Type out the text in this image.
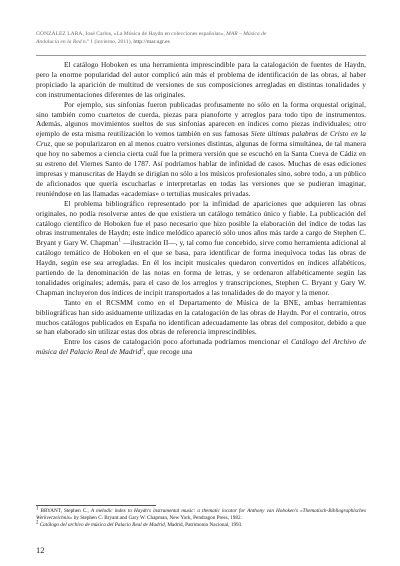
GONZÁLEZ LARA, José Carlos, «La Música de Haydn en colecciones españolas», MAR – Música de
Andalucía en la Red n.º 1 (invierno, 2011), http://mar.ugr.es

El catálogo Hoboken es una herramienta imprescindible para la catalogación de fuentes de Haydn, pero la enorme popularidad del autor complicó aún más el problema de identificación de las obras, al haber propiciado la aparición de multitud de versiones de sus composiciones arregladas en distintas tonalidades y con instrumentaciones diferentes de las originales.

Por ejemplo, sus sinfonías fueron publicadas profusamente no sólo en la forma orquestal original, sino también como cuartetos de cuerda, piezas para pianoforte y arreglos para todo tipo de instrumentos. Además, algunos movimientos sueltos de sus sinfonías aparecen en índices como piezas individuales; otro ejemplo de esta misma reutilización lo vemos también en sus famosas Siete últimas palabras de Cristo en la Cruz, que se popularizaron en al menos cuatro versiones distintas, algunas de forma simultánea, de tal manera que hoy no sabemos a ciencia cierta cuál fue la primera versión que se escuchó en la Santa Cueva de Cádiz en su estreno del Viernes Santo de 1787. Así podríamos hablar de infinidad de casos. Muchas de esas ediciones impresas y manuscritas de Haydn se dirigían no sólo a los músicos profesionales sino, sobre todo, a un público de aficionados que quería escucharlas e interpretarlas en todas las versiones que se pudieran imaginar, reuniéndose en las llamadas «academias» o tertulias musicales privadas.

El problema bibliográfico representado por la infinidad de apariciones que adquieren las obras originales, no podía resolverse antes de que existiera un catálogo temático único y fiable. La publicación del catálogo científico de Hoboken fue el paso necesario que hizo posible la elaboración del índice de todas las obras instrumentales de Haydn; este índice melódico apareció sólo unos años más tarde a cargo de Stephen C. Bryant y Gary W. Chapman$^1$ —ilustración II—, y, tal como fue concebido, sirve como herramienta adicional al catálogo temático de Hoboken en el que se basa, para identificar de forma inequívoca todas las obras de Haydn, según ese sea arregladas. En él los incipit musicales quedaron convertidos en índices alfabéticos, partiendo de la denominación de las notas en forma de letras, y se ordenaron alfabéticamente según las tonalidades originales; además, para el caso de los arreglos y transcripciones, Stephen C. Bryant y Gary W. Chapman incluyeron dos índices de incipit transportados a las tonalidades de do mayor y la menor.

Tanto en el RCSMM como en el Departamento de Música de la BNE, ambas herramientas bibliográficas han sido asiduamente utilizadas en la catalogación de las obras de Haydn. Por el contrario, otros muchos catálogos publicados en España no identifican adecuadamente las obras del compositor, debido a que se han elaborado sin utilizar estas dos obras de referencia imprescindibles.

Entre los casos de catalogación poco afortunada podríamos mencionar el Catálogo del Archivo de música del Palacio Real de Madrid$^2$, que recoge una

$^1$ BRYANT, Stephen C., A melodic index to Haydn's instrumental music: a thematic locator for Anthony van Hoboken's «Thematisch-Bibliographisches Werkverzeichnis» by Stephen C. Bryant and Gary W. Chapman, New York, Pendragon Press, 1982.

$^2$ Catálogo del archivo de música del Palacio Real de Madrid, Madrid, Patrimonio Nacional, 1993.

12
